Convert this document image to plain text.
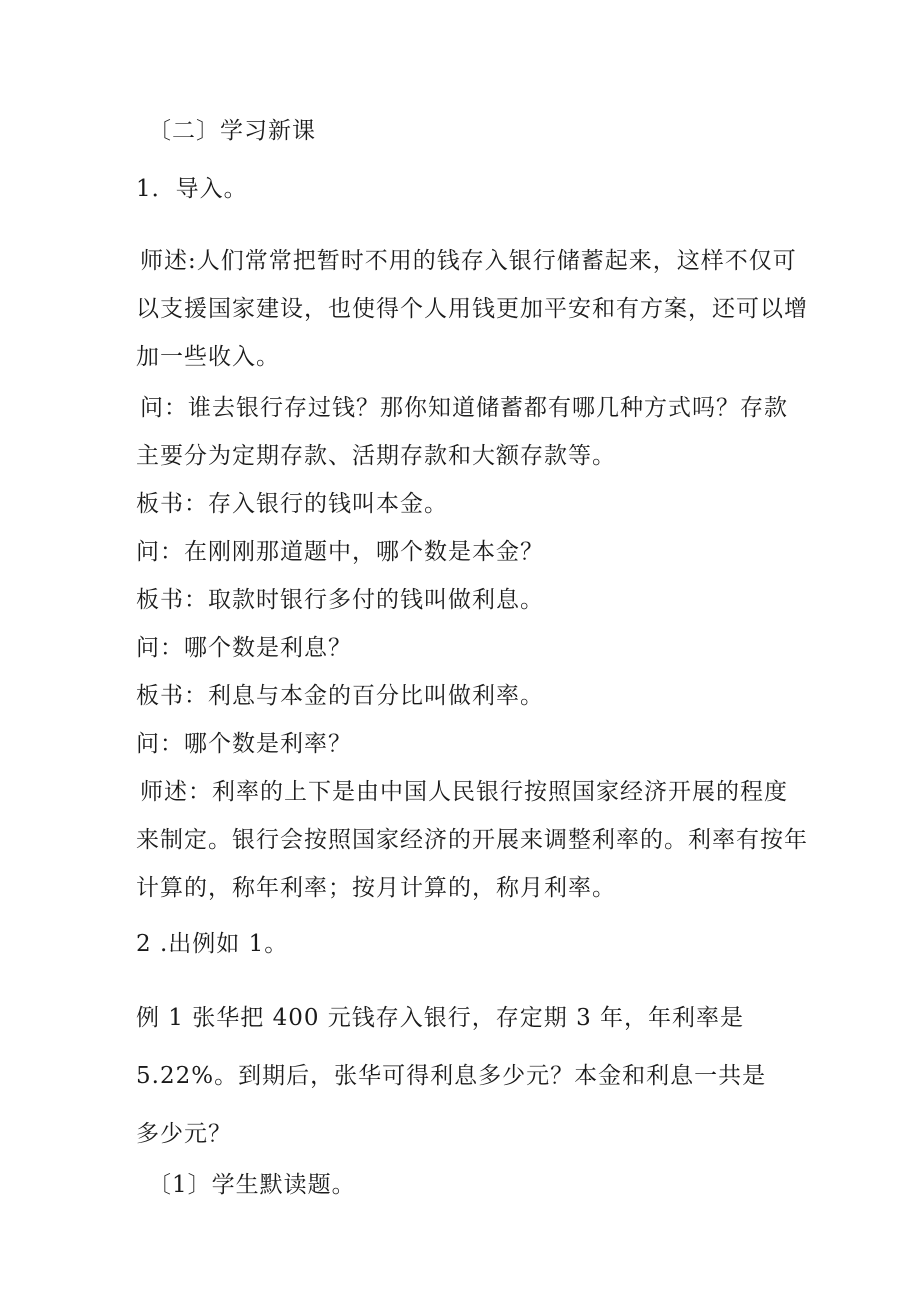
〔二〕学习新课
1．导入。
师述:人们常常把暂时不用的钱存入银行储蓄起来，这样不仅可
以支援国家建设，也使得个人用钱更加平安和有方案，还可以增
加一些收入。
问：谁去银行存过钱？那你知道储蓄都有哪几种方式吗？存款
主要分为定期存款、活期存款和大额存款等。
板书：存入银行的钱叫本金。
问：在刚刚那道题中，哪个数是本金？
板书：取款时银行多付的钱叫做利息。
问：哪个数是利息？
板书：利息与本金的百分比叫做利率。
问：哪个数是利率？
师述：利率的上下是由中国人民银行按照国家经济开展的程度
来制定。银行会按照国家经济的开展来调整利率的。利率有按年
计算的，称年利率；按月计算的，称月利率。
2 .出例如 1。
例 1 张华把 400 元钱存入银行，存定期 3 年，年利率是
5.22%。到期后，张华可得利息多少元？本金和利息一共是
多少元？
〔1〕学生默读题。
